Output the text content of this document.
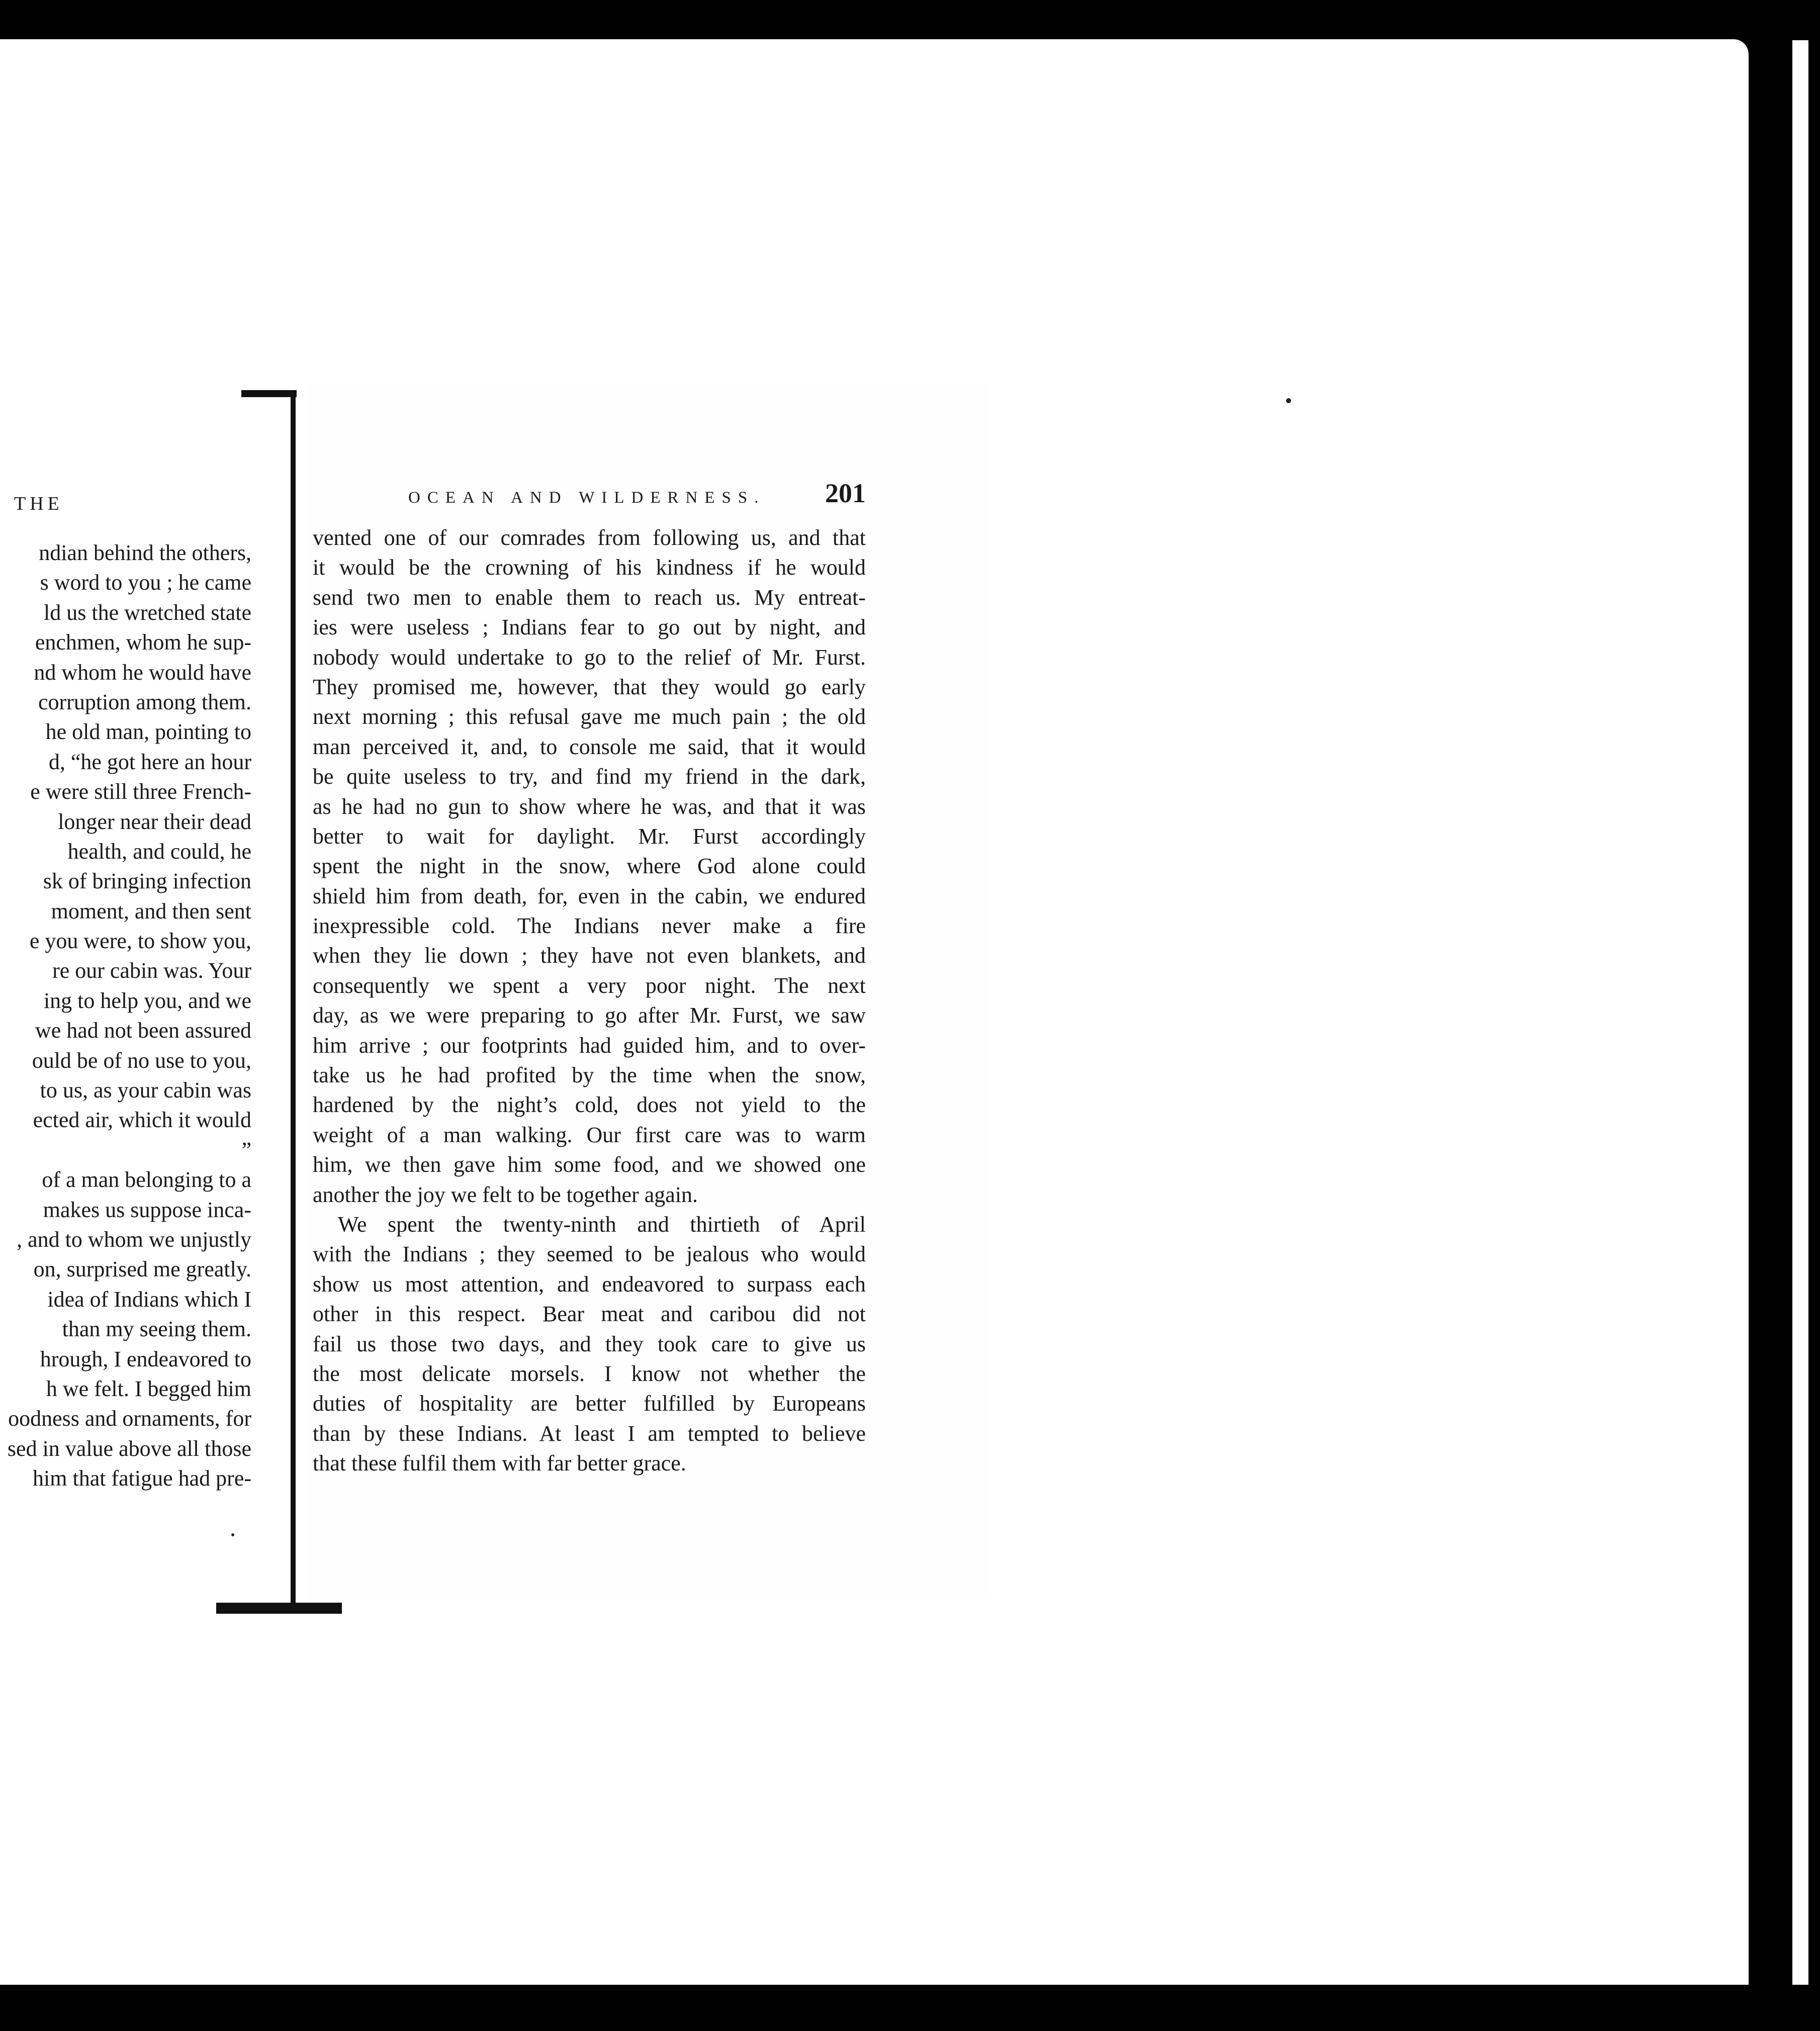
THE
ndian behind the others,
s word to you ; he came
ld us the wretched state
enchmen, whom he sup-
nd whom he would have
corruption among them.
he old man, pointing to
d, “he got here an hour
e were still three French-
longer near their dead
health, and could, he
sk of bringing infection
moment, and then sent
e you were, to show you,
re our cabin was. Your
ing to help you, and we
we had not been assured
ould be of no use to you,
to us, as your cabin was
ected air, which it would
”
of a man belonging to a
makes us suppose inca-
, and to whom we unjustly
on, surprised me greatly.
idea of Indians which I
than my seeing them.
hrough, I endeavored to
h we felt. I begged him
oodness and ornaments, for
sed in value above all those
him that fatigue had pre-
OCEAN AND WILDERNESS. 201
vented one of our comrades from following us, and that
it would be the crowning of his kindness if he would
send two men to enable them to reach us. My entreat-
ies were useless ; Indians fear to go out by night, and
nobody would undertake to go to the relief of Mr. Furst.
They promised me, however, that they would go early
next morning ; this refusal gave me much pain ; the old
man perceived it, and, to console me said, that it would
be quite useless to try, and find my friend in the dark,
as he had no gun to show where he was, and that it was
better to wait for daylight. Mr. Furst accordingly
spent the night in the snow, where God alone could
shield him from death, for, even in the cabin, we endured
inexpressible cold. The Indians never make a fire
when they lie down ; they have not even blankets, and
consequently we spent a very poor night. The next
day, as we were preparing to go after Mr. Furst, we saw
him arrive ; our footprints had guided him, and to over-
take us he had profited by the time when the snow,
hardened by the night’s cold, does not yield to the
weight of a man walking. Our first care was to warm
him, we then gave him some food, and we showed one
another the joy we felt to be together again.
We spent the twenty-ninth and thirtieth of April
with the Indians ; they seemed to be jealous who would
show us most attention, and endeavored to surpass each
other in this respect. Bear meat and caribou did not
fail us those two days, and they took care to give us
the most delicate morsels. I know not whether the
duties of hospitality are better fulfilled by Europeans
than by these Indians. At least I am tempted to believe
that these fulfil them with far better grace.
